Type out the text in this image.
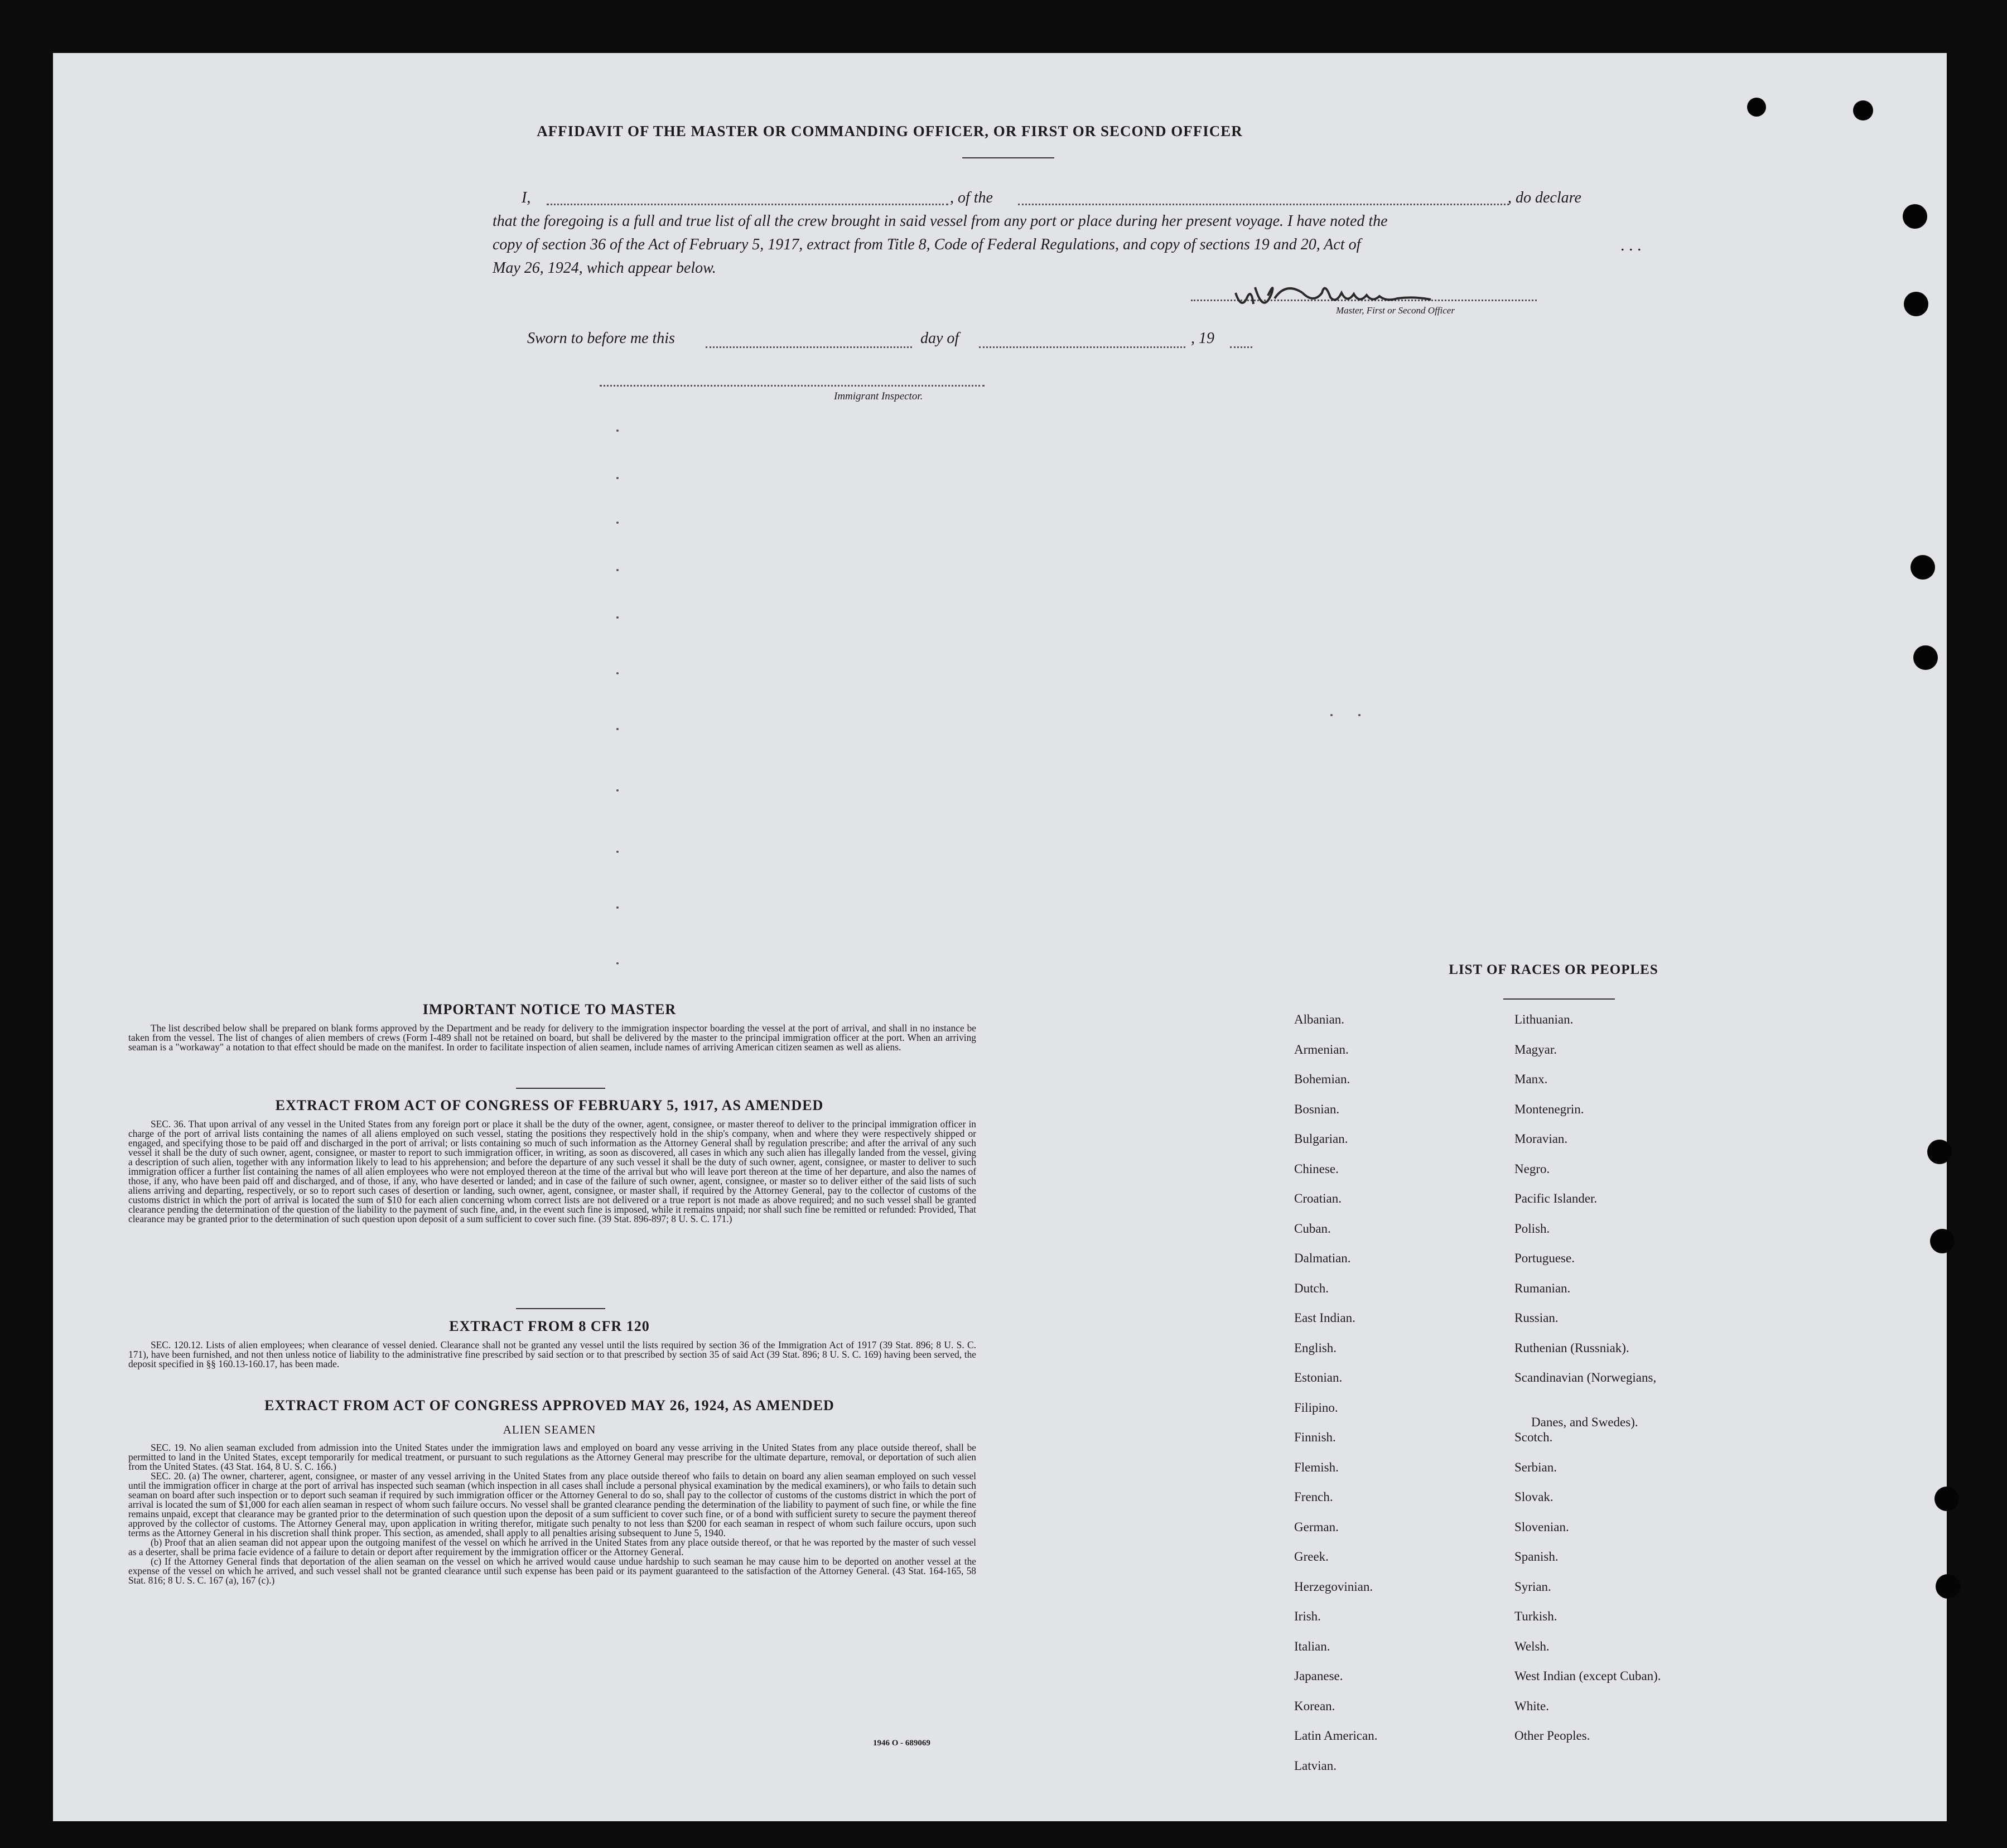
AFFIDAVIT OF THE MASTER OR COMMANDING OFFICER, OR FIRST OR SECOND OFFICER
I,	, of the	, do declare
that the foregoing is a full and true list of all the crew brought in said vessel from any port or place during her present voyage. I have noted the
copy of section 36 of the Act of February 5, 1917, extract from Title 8, Code of Federal Regulations, and copy of sections 19 and 20, Act of
May 26, 1924, which appear below.
. . .
Master, First or Second Officer
Sworn to before me this	day of	, 19
Immigrant Inspector.
IMPORTANT NOTICE TO MASTER

The list described below shall be prepared on blank forms approved by the Department and be ready for delivery to the immigration inspector boarding the vessel at the port of arrival, and shall in no instance be taken from the vessel. The list of changes of alien members of crews (Form I-489 shall not be retained on board, but shall be delivered by the master to the principal immigration officer at the port. When an arriving seaman is a "workaway" a notation to that effect should be made on the manifest. In order to facilitate inspection of alien seamen, include names of arriving American citizen seamen as well as aliens.

EXTRACT FROM ACT OF CONGRESS OF FEBRUARY 5, 1917, AS AMENDED

SEC. 36. That upon arrival of any vessel in the United States from any foreign port or place it shall be the duty of the owner, agent, consignee, or master thereof to deliver to the principal immigration officer in charge of the port of arrival lists containing the names of all aliens employed on such vessel, stating the positions they respectively hold in the ship's company, when and where they were respectively shipped or engaged, and specifying those to be paid off and discharged in the port of arrival; or lists containing so much of such information as the Attorney General shall by regulation prescribe; and after the arrival of any such vessel it shall be the duty of such owner, agent, consignee, or master to report to such immigration officer, in writing, as soon as discovered, all cases in which any such alien has illegally landed from the vessel, giving a description of such alien, together with any information likely to lead to his apprehension; and before the departure of any such vessel it shall be the duty of such owner, agent, consignee, or master to deliver to such immigration officer a further list containing the names of all alien employees who were not employed thereon at the time of the arrival but who will leave port thereon at the time of her departure, and also the names of those, if any, who have been paid off and discharged, and of those, if any, who have deserted or landed; and in case of the failure of such owner, agent, consignee, or master so to deliver either of the said lists of such aliens arriving and departing, respectively, or so to report such cases of desertion or landing, such owner, agent, consignee, or master shall, if required by the Attorney General, pay to the collector of customs of the customs district in which the port of arrival is located the sum of $10 for each alien concerning whom correct lists are not delivered or a true report is not made as above required; and no such vessel shall be granted clearance pending the determination of the question of the liability to the payment of such fine, and, in the event such fine is imposed, while it remains unpaid; nor shall such fine be remitted or refunded: Provided, That clearance may be granted prior to the determination of such question upon deposit of a sum sufficient to cover such fine. (39 Stat. 896-897; 8 U. S. C. 171.)

EXTRACT FROM 8 CFR 120

SEC. 120.12. Lists of alien employees; when clearance of vessel denied. Clearance shall not be granted any vessel until the lists required by section 36 of the Immigration Act of 1917 (39 Stat. 896; 8 U. S. C. 171), have been furnished, and not then unless notice of liability to the administrative fine prescribed by said section or to that prescribed by section 35 of said Act (39 Stat. 896; 8 U. S. C. 169) having been served, the deposit specified in §§ 160.13-160.17, has been made.

EXTRACT FROM ACT OF CONGRESS APPROVED MAY 26, 1924, AS AMENDED
ALIEN SEAMEN

SEC. 19. No alien seaman excluded from admission into the United States under the immigration laws and employed on board any vesse arriving in the United States from any place outside thereof, shall be permitted to land in the United States, except temporarily for medical treatment, or pursuant to such regulations as the Attorney General may prescribe for the ultimate departure, removal, or deportation of such alien from the United States. (43 Stat. 164, 8 U. S. C. 166.)

SEC. 20. (a) The owner, charterer, agent, consignee, or master of any vessel arriving in the United States from any place outside thereof who fails to detain on board any alien seaman employed on such vessel until the immigration officer in charge at the port of arrival has inspected such seaman (which inspection in all cases shall include a personal physical examination by the medical examiners), or who fails to detain such seaman on board after such inspection or to deport such seaman if required by such immigration officer or the Attorney General to do so, shall pay to the collector of customs of the customs district in which the port of arrival is located the sum of $1,000 for each alien seaman in respect of whom such failure occurs. No vessel shall be granted clearance pending the determination of the liability to payment of such fine, or while the fine remains unpaid, except that clearance may be granted prior to the determination of such question upon the deposit of a sum sufficient to cover such fine, or of a bond with sufficient surety to secure the payment thereof approved by the collector of customs. The Attorney General may, upon application in writing therefor, mitigate such penalty to not less than $200 for each seaman in respect of whom such failure occurs, upon such terms as the Attorney General in his discretion shall think proper. This section, as amended, shall apply to all penalties arising subsequent to June 5, 1940.

(b) Proof that an alien seaman did not appear upon the outgoing manifest of the vessel on which he arrived in the United States from any place outside thereof, or that he was reported by the master of such vessel as a deserter, shall be prima facie evidence of a failure to detain or deport after requirement by the immigration officer or the Attorney General.

(c) If the Attorney General finds that deportation of the alien seaman on the vessel on which he arrived would cause undue hardship to such seaman he may cause him to be deported on another vessel at the expense of the vessel on which he arrived, and such vessel shall not be granted clearance until such expense has been paid or its payment guaranteed to the satisfaction of the Attorney General. (43 Stat. 164-165, 58 Stat. 816; 8 U. S. C. 167 (a), 167 (c).)

1946 O - 689069
LIST OF RACES OR PEOPLES
Albanian.
Armenian.
Bohemian.
Bosnian.
Bulgarian.
Chinese.
Croatian.
Cuban.
Dalmatian.
Dutch.
East Indian.
English.
Estonian.
Filipino.
Finnish.
Flemish.
French.
German.
Greek.
Herzegovinian.
Irish.
Italian.
Japanese.
Korean.
Latin American.
Latvian.
Lithuanian.
Magyar.
Manx.
Montenegrin.
Moravian.
Negro.
Pacific Islander.
Polish.
Portuguese.
Rumanian.
Russian.
Ruthenian (Russniak).
Scandinavian (Norwegians,
Danes, and Swedes).
Scotch.
Serbian.
Slovak.
Slovenian.
Spanish.
Syrian.
Turkish.
Welsh.
West Indian (except Cuban).
White.
Other Peoples.
